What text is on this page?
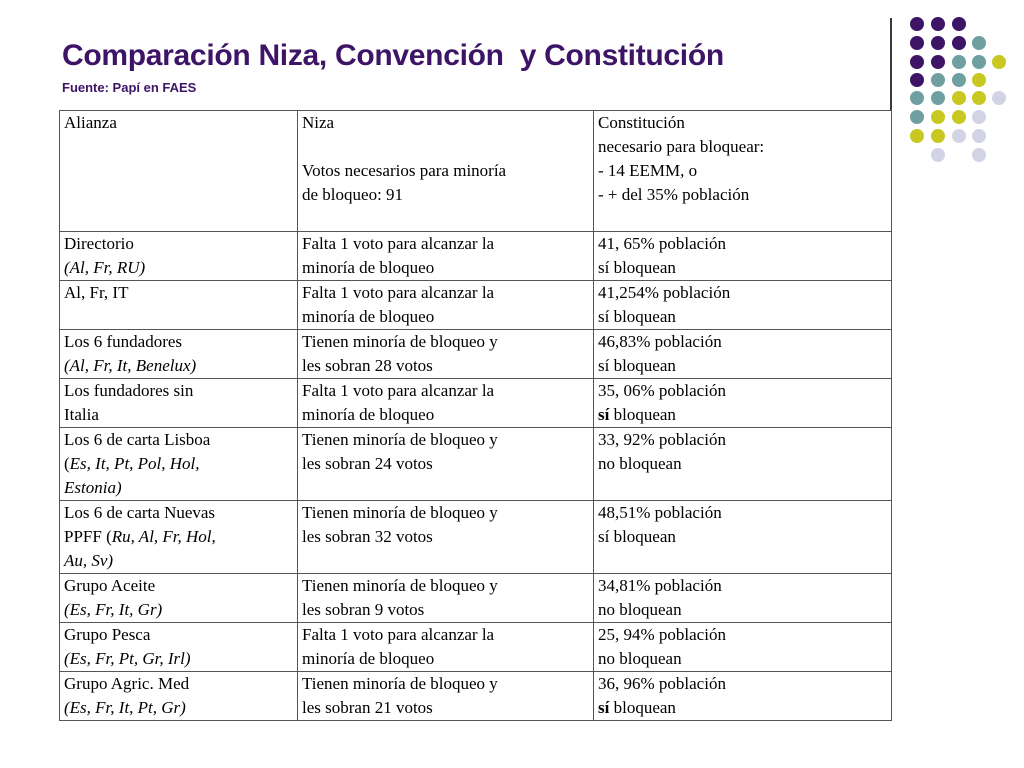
Comparación Niza, Convención  y Constitución
Fuente: Papí en FAES
Alianza	Niza
Votos necesarios para minoría
de bloqueo: 91	Constitución
necesario para bloquear:
- 14 EEMM, o
- + del 35% población

Directorio
(Al, Fr, RU)	Falta 1 voto para alcanzar la
minoría de bloqueo	41, 65% población
sí bloquean

Al, Fr, IT	Falta 1 voto para alcanzar la
minoría de bloqueo	41,254% población
sí bloquean

Los 6 fundadores
(Al, Fr, It, Benelux)	Tienen minoría de bloqueo y
les sobran 28 votos	46,83% población
sí bloquean

Los fundadores sin
Italia	Falta 1 voto para alcanzar la
minoría de bloqueo	35, 06% población
sí bloquean

Los 6 de carta Lisboa
(Es, It, Pt, Pol, Hol,
Estonia)	Tienen minoría de bloqueo y
les sobran 24 votos	33, 92% población
no bloquean

Los 6 de carta Nuevas
PPFF (Ru, Al, Fr, Hol,
Au, Sv)	Tienen minoría de bloqueo y
les sobran 32 votos	48,51% población
sí bloquean

Grupo Aceite
(Es, Fr, It, Gr)	Tienen minoría de bloqueo y
les sobran 9 votos	34,81% población
no bloquean

Grupo Pesca
(Es, Fr, Pt, Gr, Irl)	Falta 1 voto para alcanzar la
minoría de bloqueo	25, 94% población
no bloquean

Grupo Agric. Med
(Es, Fr, It, Pt, Gr)	Tienen minoría de bloqueo y
les sobran 21 votos	36, 96% población
sí bloquean
